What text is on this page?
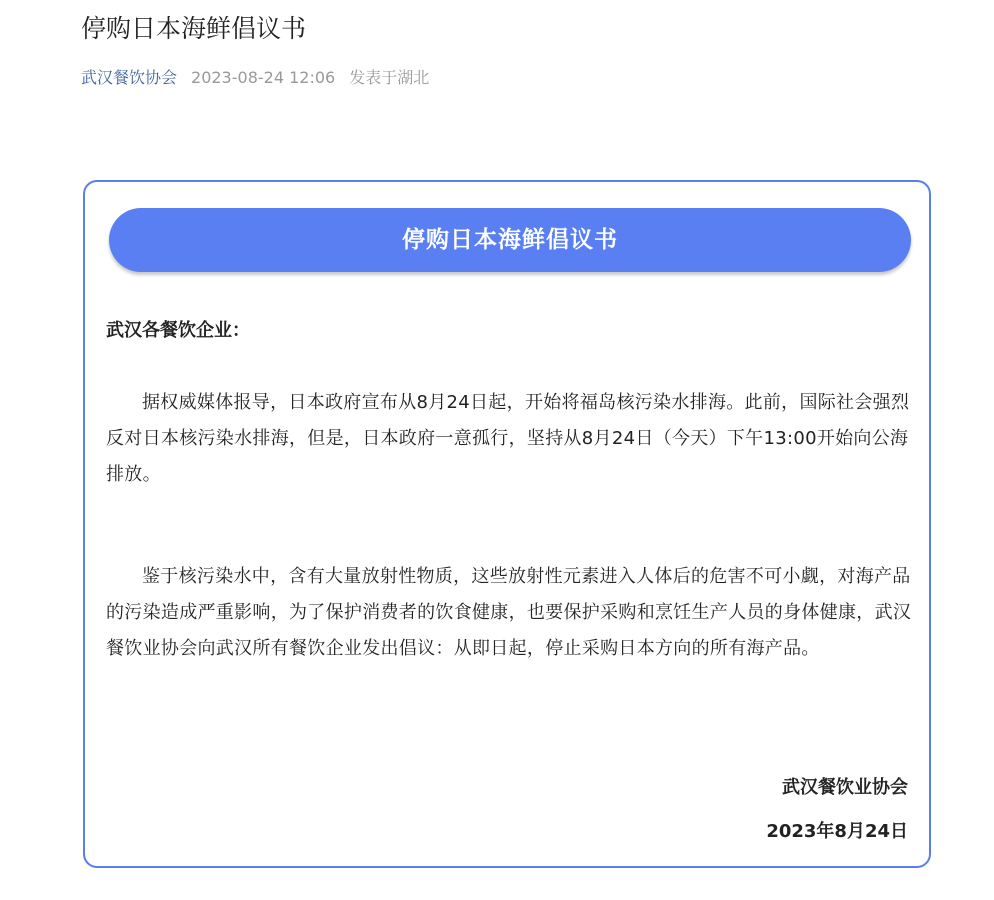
停购日本海鲜倡议书
武汉餐饮协会 2023-08-24 12:06 发表于湖北
停购日本海鲜倡议书
武汉各餐饮企业：

据权威媒体报导，日本政府宣布从8月24日起，开始将福岛核污染水排海。此前，国际社会强烈反对日本核污染水排海，但是，日本政府一意孤行，坚持从8月24日（今天）下午13:00开始向公海排放。

鉴于核污染水中，含有大量放射性物质，这些放射性元素进入人体后的危害不可小觑，对海产品的污染造成严重影响，为了保护消费者的饮食健康，也要保护采购和烹饪生产人员的身体健康，武汉餐饮业协会向武汉所有餐饮企业发出倡议：从即日起，停止采购日本方向的所有海产品。

武汉餐饮业协会
2023年8月24日
